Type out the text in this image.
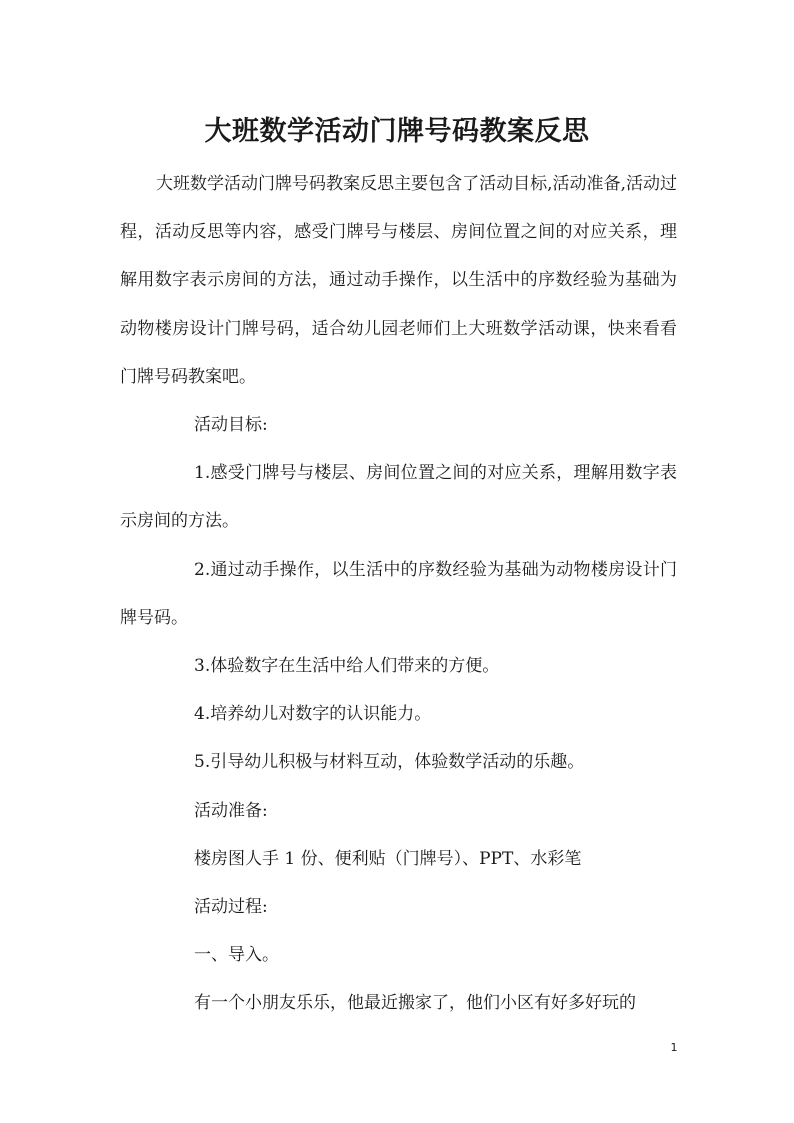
大班数学活动门牌号码教案反思

大班数学活动门牌号码教案反思主要包含了活动目标,活动准备,活动过程，活动反思等内容，感受门牌号与楼层、房间位置之间的对应关系，理解用数字表示房间的方法，通过动手操作，以生活中的序数经验为基础为动物楼房设计门牌号码，适合幼儿园老师们上大班数学活动课，快来看看门牌号码教案吧。

活动目标:

1.感受门牌号与楼层、房间位置之间的对应关系，理解用数字表示房间的方法。

2.通过动手操作，以生活中的序数经验为基础为动物楼房设计门牌号码。

3.体验数字在生活中给人们带来的方便。

4.培养幼儿对数字的认识能力。

5.引导幼儿积极与材料互动，体验数学活动的乐趣。

活动准备:

楼房图人手 1 份、便利贴（门牌号）、PPT、水彩笔

活动过程:

一、导入。

有一个小朋友乐乐，他最近搬家了，他们小区有好多好玩的

1
